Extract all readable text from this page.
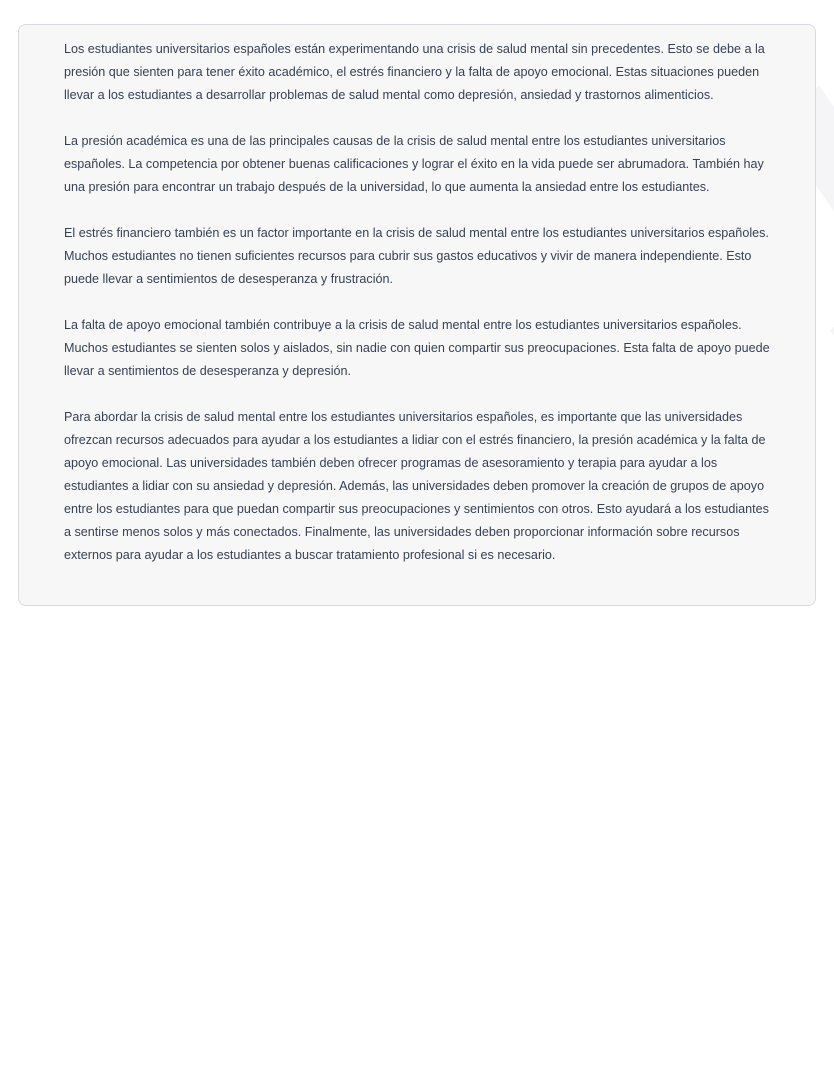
Los estudiantes universitarios españoles están experimentando una crisis de salud mental sin precedentes. Esto se debe a la presión que sienten para tener éxito académico, el estrés financiero y la falta de apoyo emocional. Estas situaciones pueden llevar a los estudiantes a desarrollar problemas de salud mental como depresión, ansiedad y trastornos alimenticios.

La presión académica es una de las principales causas de la crisis de salud mental entre los estudiantes universitarios españoles. La competencia por obtener buenas calificaciones y lograr el éxito en la vida puede ser abrumadora. También hay una presión para encontrar un trabajo después de la universidad, lo que aumenta la ansiedad entre los estudiantes.

El estrés financiero también es un factor importante en la crisis de salud mental entre los estudiantes universitarios españoles. Muchos estudiantes no tienen suficientes recursos para cubrir sus gastos educativos y vivir de manera independiente. Esto puede llevar a sentimientos de desesperanza y frustración.

La falta de apoyo emocional también contribuye a la crisis de salud mental entre los estudiantes universitarios españoles. Muchos estudiantes se sienten solos y aislados, sin nadie con quien compartir sus preocupaciones. Esta falta de apoyo puede llevar a sentimientos de desesperanza y depresión.

Para abordar la crisis de salud mental entre los estudiantes universitarios españoles, es importante que las universidades ofrezcan recursos adecuados para ayudar a los estudiantes a lidiar con el estrés financiero, la presión académica y la falta de apoyo emocional. Las universidades también deben ofrecer programas de asesoramiento y terapia para ayudar a los estudiantes a lidiar con su ansiedad y depresión. Además, las universidades deben promover la creación de grupos de apoyo entre los estudiantes para que puedan compartir sus preocupaciones y sentimientos con otros. Esto ayudará a los estudiantes a sentirse menos solos y más conectados. Finalmente, las universidades deben proporcionar información sobre recursos externos para ayudar a los estudiantes a buscar tratamiento profesional si es necesario.
